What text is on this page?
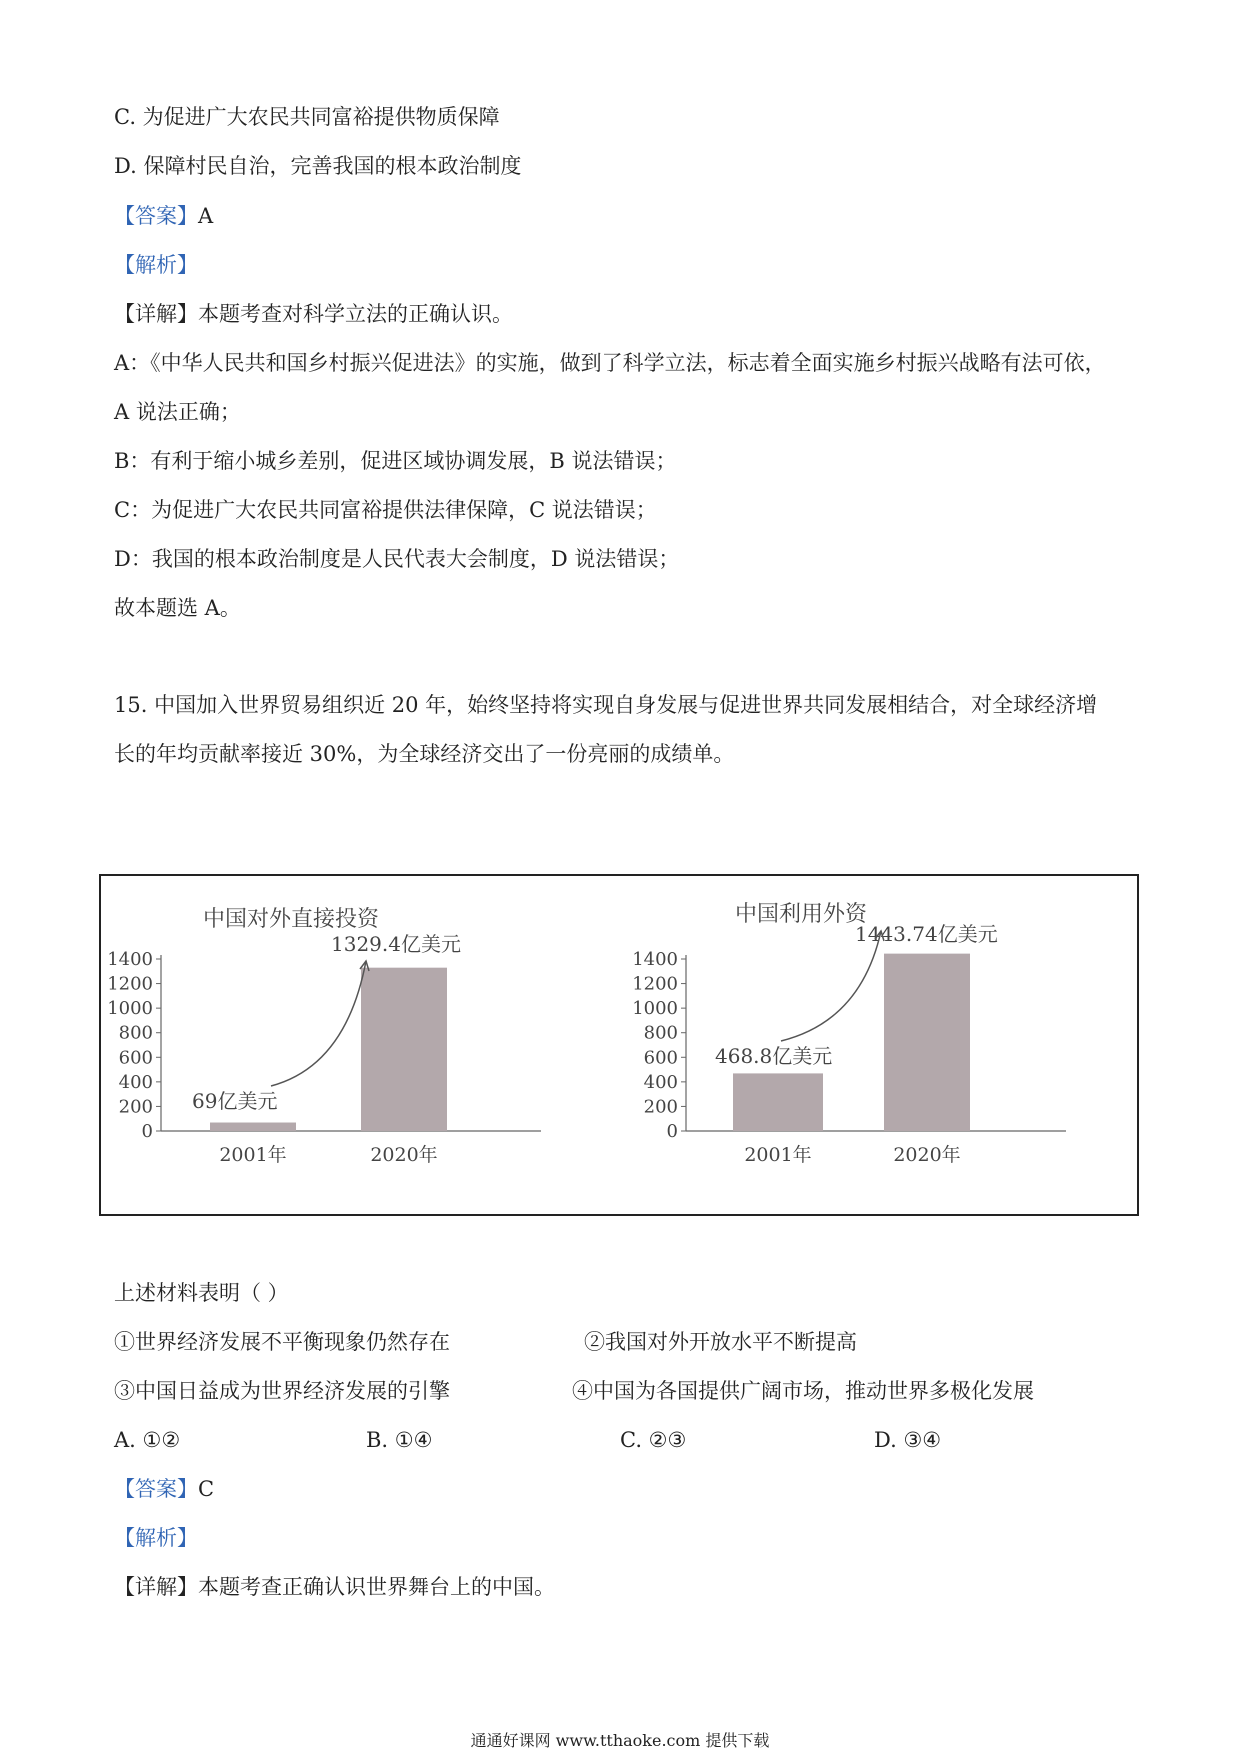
C. 为促进广大农民共同富裕提供物质保障
D. 保障村民自治，完善我国的根本政治制度
【答案】A
【解析】
【详解】本题考查对科学立法的正确认识。
A：《中华人民共和国乡村振兴促进法》的实施，做到了科学立法，标志着全面实施乡村振兴战略有法可依，
A 说法正确；
B：有利于缩小城乡差别，促进区域协调发展，B 说法错误；
C：为促进广大农民共同富裕提供法律保障，C 说法错误；
D：我国的根本政治制度是人民代表大会制度，D 说法错误；
故本题选 A。
15. 中国加入世界贸易组织近 20 年，始终坚持将实现自身发展与促进世界共同发展相结合，对全球经济增
长的年均贡献率接近 30%，为全球经济交出了一份亮丽的成绩单。
中国对外直接投资
0
200
400
600
800
1000
1200
1400
2001年
69亿美元
2020年
1329.4亿美元
中国利用外资
0
200
400
600
800
1000
1200
1400
2001年
468.8亿美元
2020年
1443.74亿美元
上述材料表明（ ）
①世界经济发展不平衡现象仍然存在	②我国对外开放水平不断提高
③中国日益成为世界经济发展的引擎	④中国为各国提供广阔市场，推动世界多极化发展
A. ①②	B. ①④	C. ②③	D. ③④
【答案】C
【解析】
【详解】本题考查正确认识世界舞台上的中国。
通通好课网 www.tthaoke.com 提供下载
